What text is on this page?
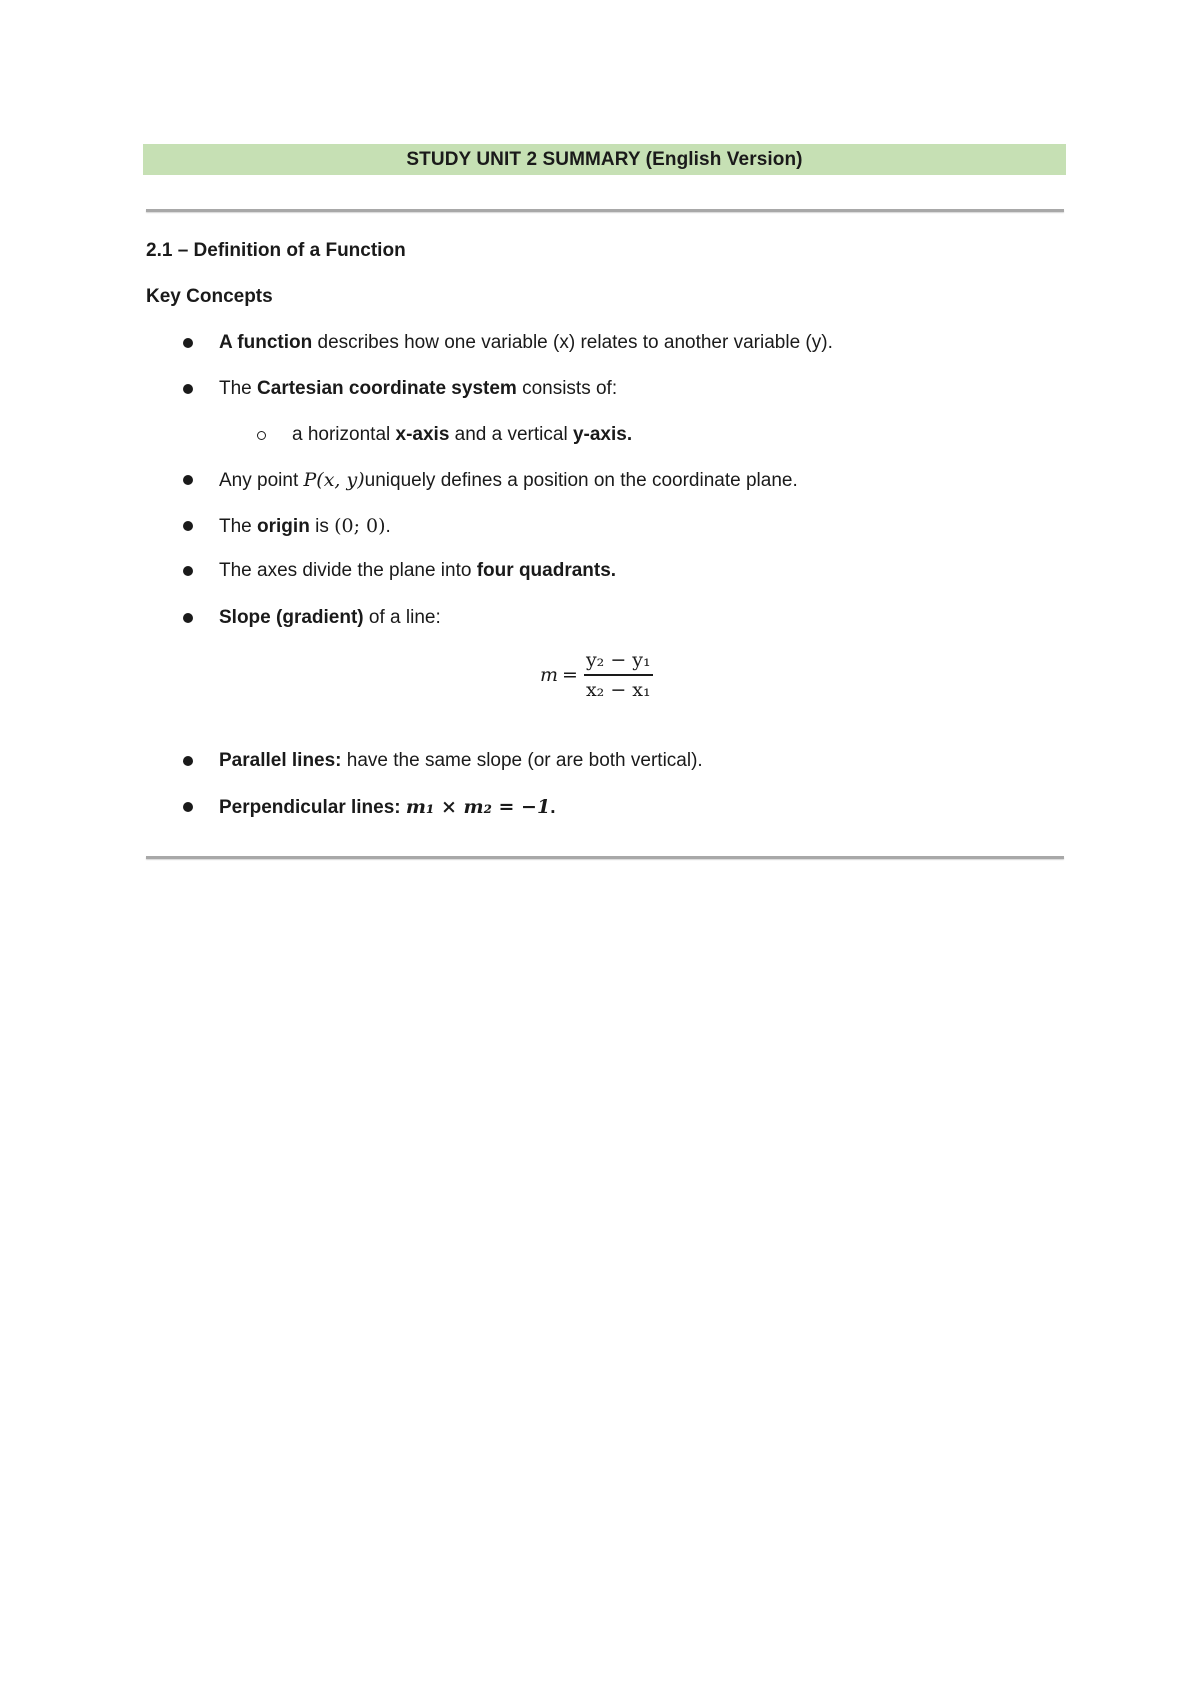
STUDY UNIT 2 SUMMARY (English Version)
2.1 – Definition of a Function
Key Concepts
A function describes how one variable (x) relates to another variable (y).
The Cartesian coordinate system consists of:
a horizontal x-axis and a vertical y-axis.
Any point P(x, y)uniquely defines a position on the coordinate plane.
The origin is (0; 0).
The axes divide the plane into four quadrants.
Slope (gradient) of a line:
$m = \frac{\text{y₂ − y₁}}{\text{x₂ − x₁}}$
Parallel lines: have the same slope (or are both vertical).
Perpendicular lines: m₁ × m₂ = −1.
